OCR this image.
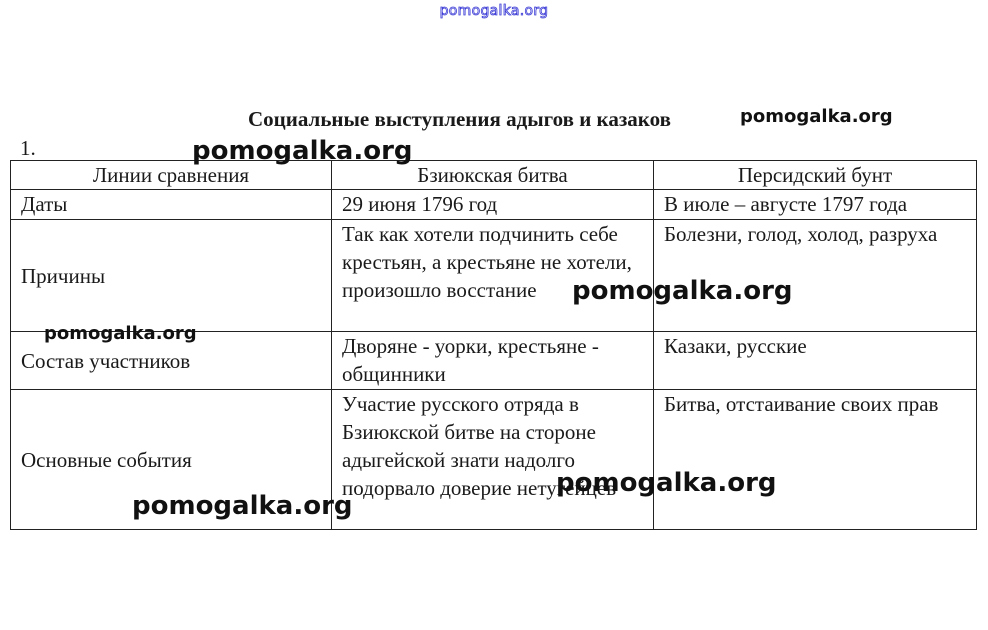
pomogalka.org
Социальные выступления адыгов и казаков
1.
Линии сравнения	Бзиюкская битва	Персидский бунт
Даты	29 июня 1796 год	В июле – августе 1797 года
Причины	Так как хотели подчинить себе крестьян, а крестьяне не хотели, произошло восстание	Болезни, голод, холод, разруха
Состав участников	Дворяне - уорки, крестьяне - общинники	Казаки, русские
Основные события	Участие русского отряда в Бзиюкской битве на стороне адыгейской знати надолго подорвало доверие нетугейцев	Битва, отстаивание своих прав
pomogalka.org
pomogalka.org
pomogalka.org
pomogalka.org
pomogalka.org
pomogalka.org
